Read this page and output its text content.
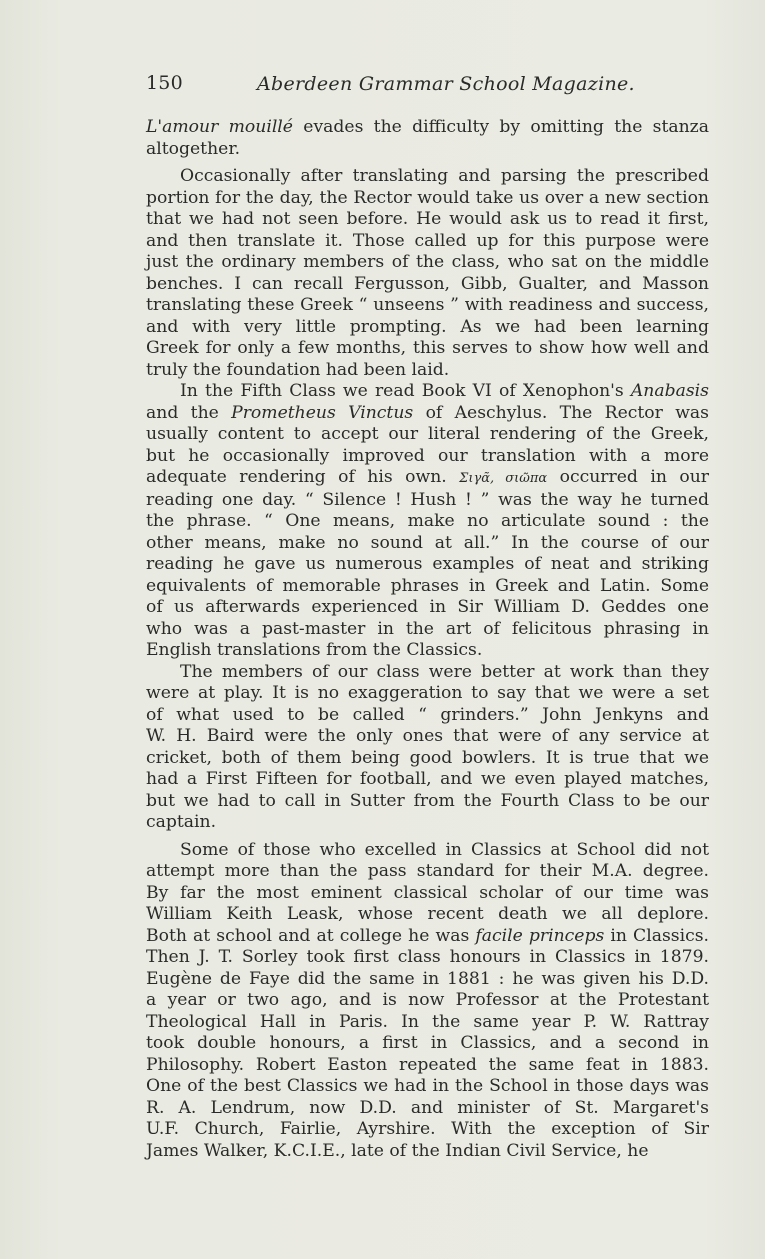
150	Aberdeen Grammar School Magazine.

L'amour mouillé evades the difficulty by omitting the stanza
altogether.

Occasionally after translating and parsing the prescribed
portion for the day, the Rector would take us over a new section
that we had not seen before. He would ask us to read it first,
and then translate it. Those called up for this purpose were
just the ordinary members of the class, who sat on the middle
benches. I can recall Fergusson, Gibb, Gualter, and Masson
translating these Greek “ unseens ” with readiness and success,
and with very little prompting. As we had been learning
Greek for only a few months, this serves to show how well and
truly the foundation had been laid.

In the Fifth Class we read Book VI of Xenophon's Anabasis
and the Prometheus Vinctus of Aeschylus. The Rector was
usually content to accept our literal rendering of the Greek,
but he occasionally improved our translation with a more
adequate rendering of his own. Σιγᾶ, σιῶπα occurred in our
reading one day. “ Silence ! Hush ! ” was the way he turned
the phrase. “ One means, make no articulate sound : the
other means, make no sound at all.” In the course of our
reading he gave us numerous examples of neat and striking
equivalents of memorable phrases in Greek and Latin. Some
of us afterwards experienced in Sir William D. Geddes one
who was a past-master in the art of felicitous phrasing in
English translations from the Classics.

The members of our class were better at work than they
were at play. It is no exaggeration to say that we were a set
of what used to be called “ grinders.” John Jenkyns and
W. H. Baird were the only ones that were of any service at
cricket, both of them being good bowlers. It is true that we
had a First Fifteen for football, and we even played matches,
but we had to call in Sutter from the Fourth Class to be our
captain.

Some of those who excelled in Classics at School did not
attempt more than the pass standard for their M.A. degree.
By far the most eminent classical scholar of our time was
William Keith Leask, whose recent death we all deplore.
Both at school and at college he was facile princeps in Classics.
Then J. T. Sorley took first class honours in Classics in 1879.
Eugène de Faye did the same in 1881 : he was given his D.D.
a year or two ago, and is now Professor at the Protestant
Theological Hall in Paris. In the same year P. W. Rattray
took double honours, a first in Classics, and a second in
Philosophy. Robert Easton repeated the same feat in 1883.
One of the best Classics we had in the School in those days was
R. A. Lendrum, now D.D. and minister of St. Margaret's
U.F. Church, Fairlie, Ayrshire. With the exception of Sir
James Walker, K.C.I.E., late of the Indian Civil Service, he
